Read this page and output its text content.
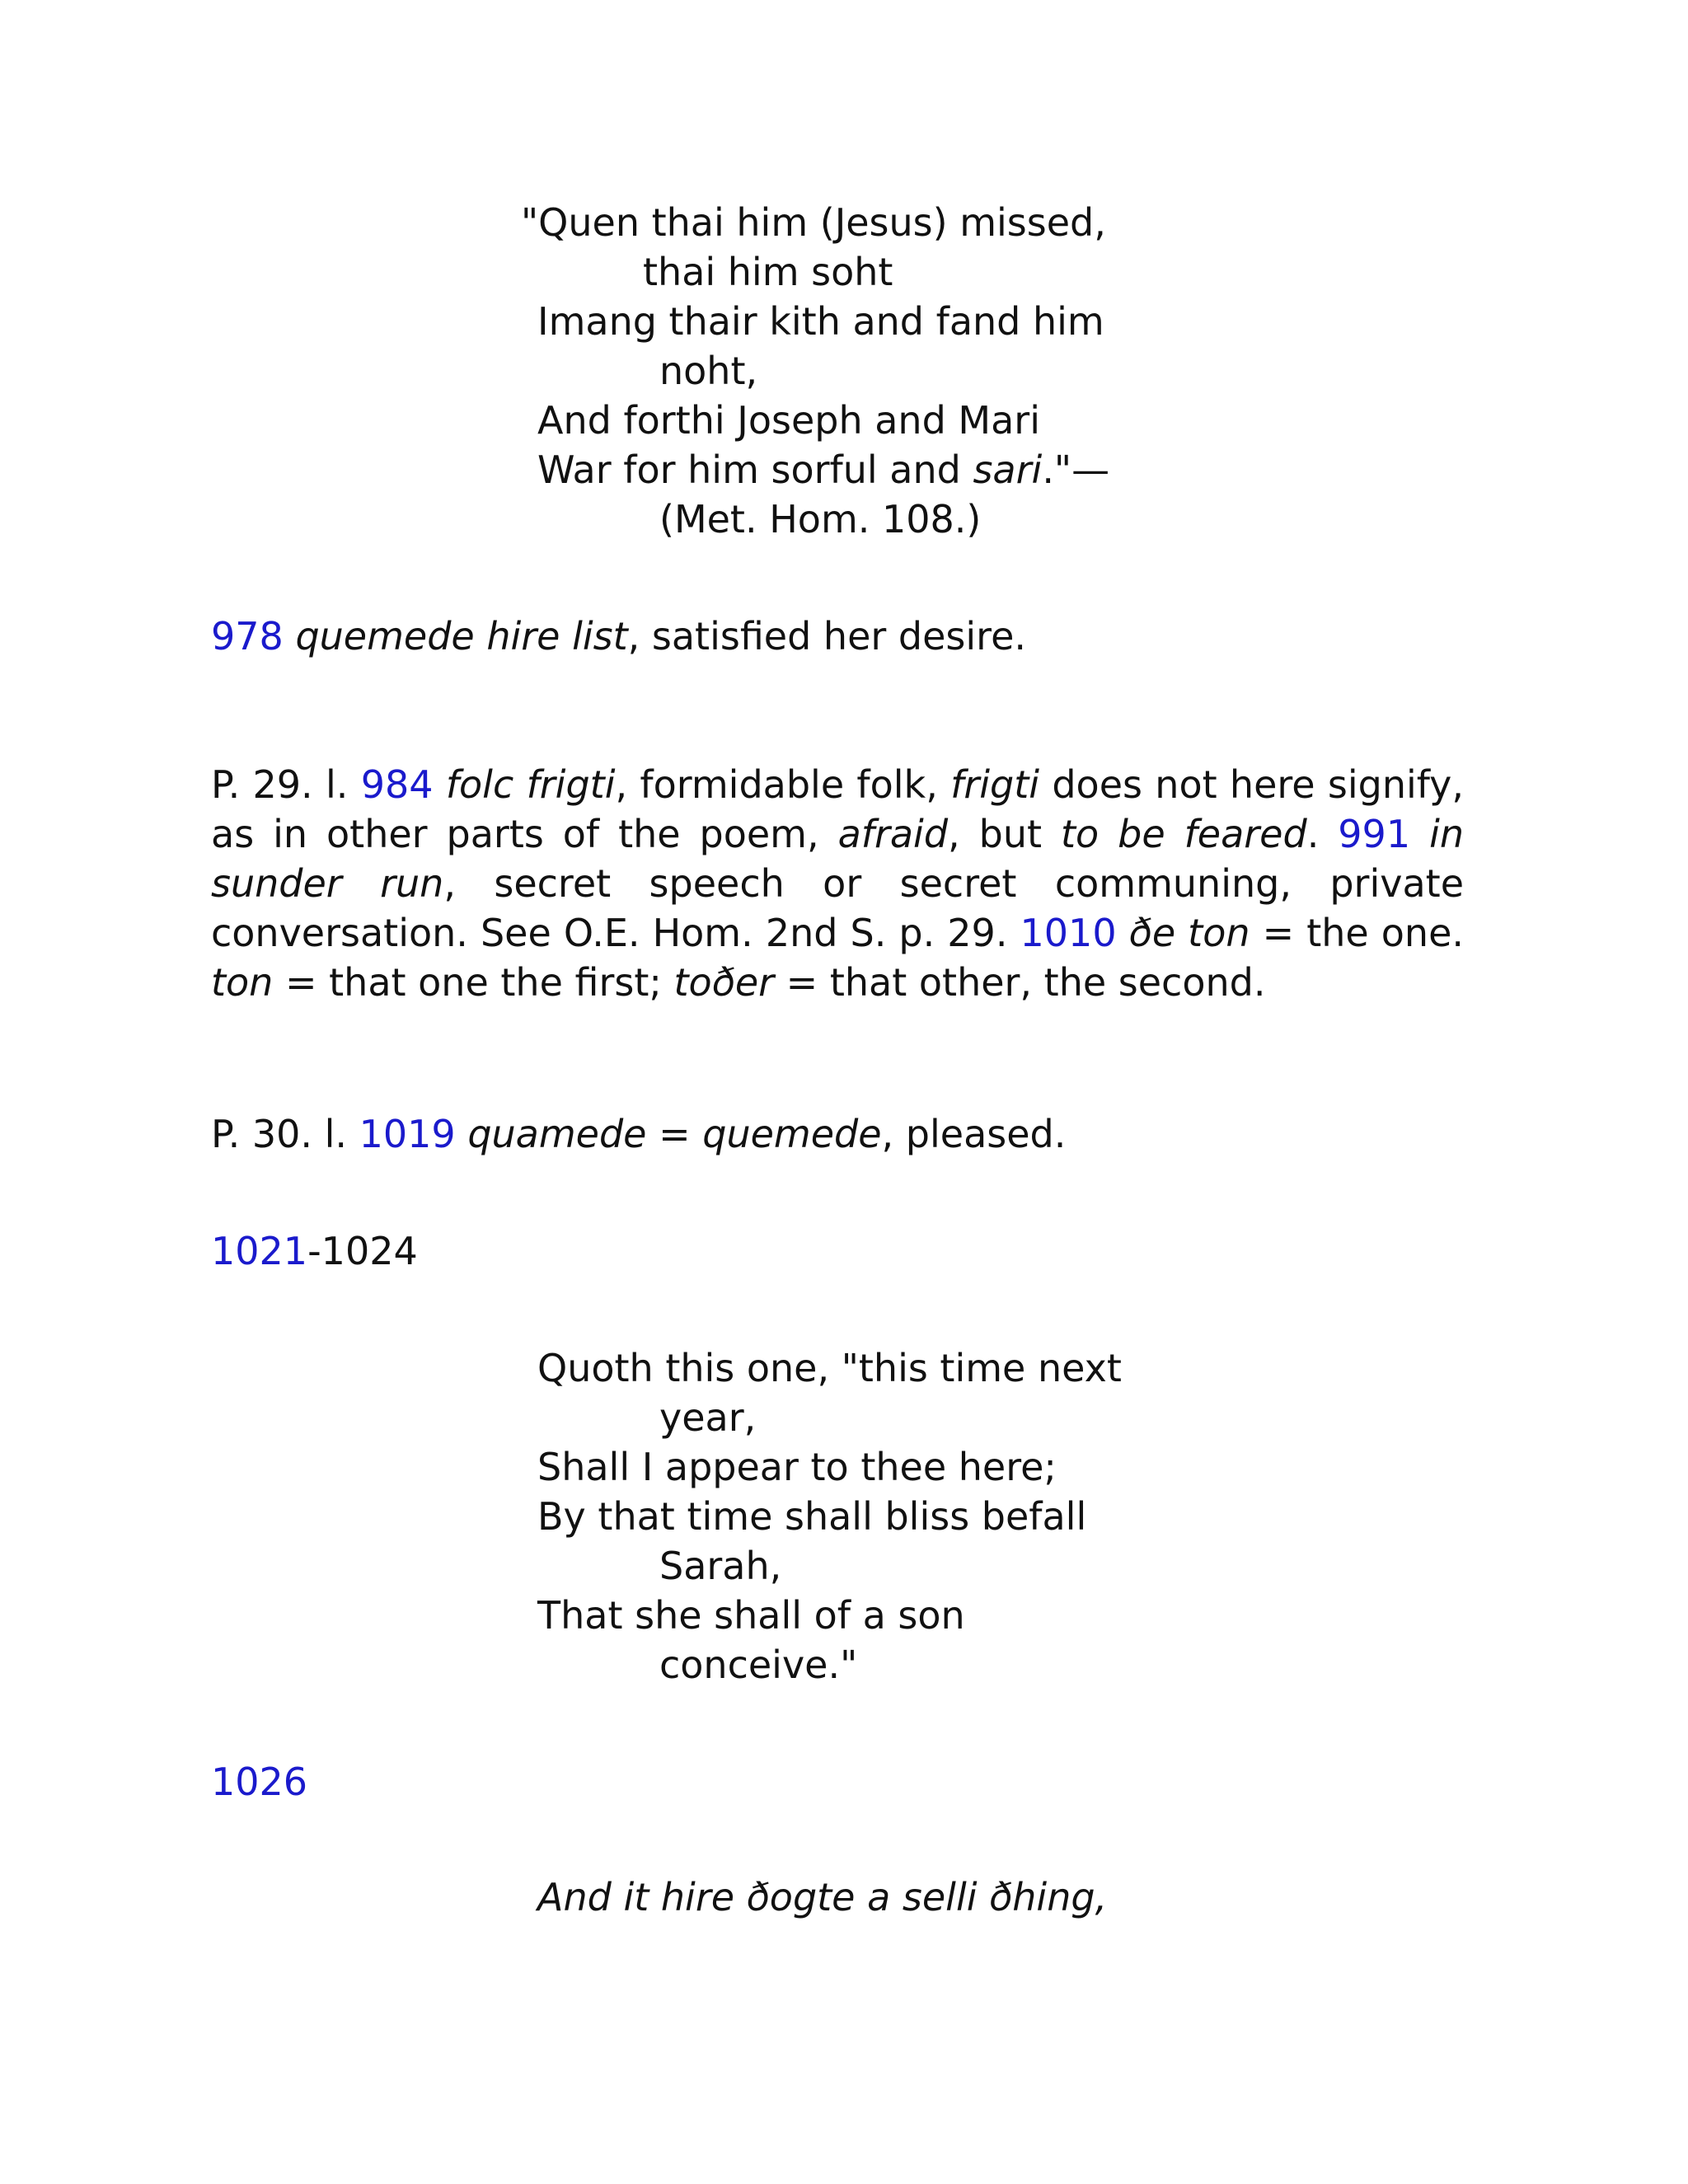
"Quen thai him (Jesus) missed,
thai him soht
Imang thair kith and fand him
noht,
And forthi Joseph and Mari
War for him sorful and sari."—
(Met. Hom. 108.)
978 quemede hire list, satisfied her desire.
P. 29. l. 984 folc frigti, formidable folk, frigti does not here signify, as in other parts of the poem, afraid, but to be feared. 991 in sunder run, secret speech or secret communing, private conversation. See O.E. Hom. 2nd S. p. 29. 1010 ðe ton = the one. ton = that one the first; toðer = that other, the second.
P. 30. l. 1019 quamede = quemede, pleased.
1021-1024
Quoth this one, "this time next
year,
Shall I appear to thee here;
By that time shall bliss befall
Sarah,
That she shall of a son
conceive."
1026
And it hire ðogte a selli ðhing,
